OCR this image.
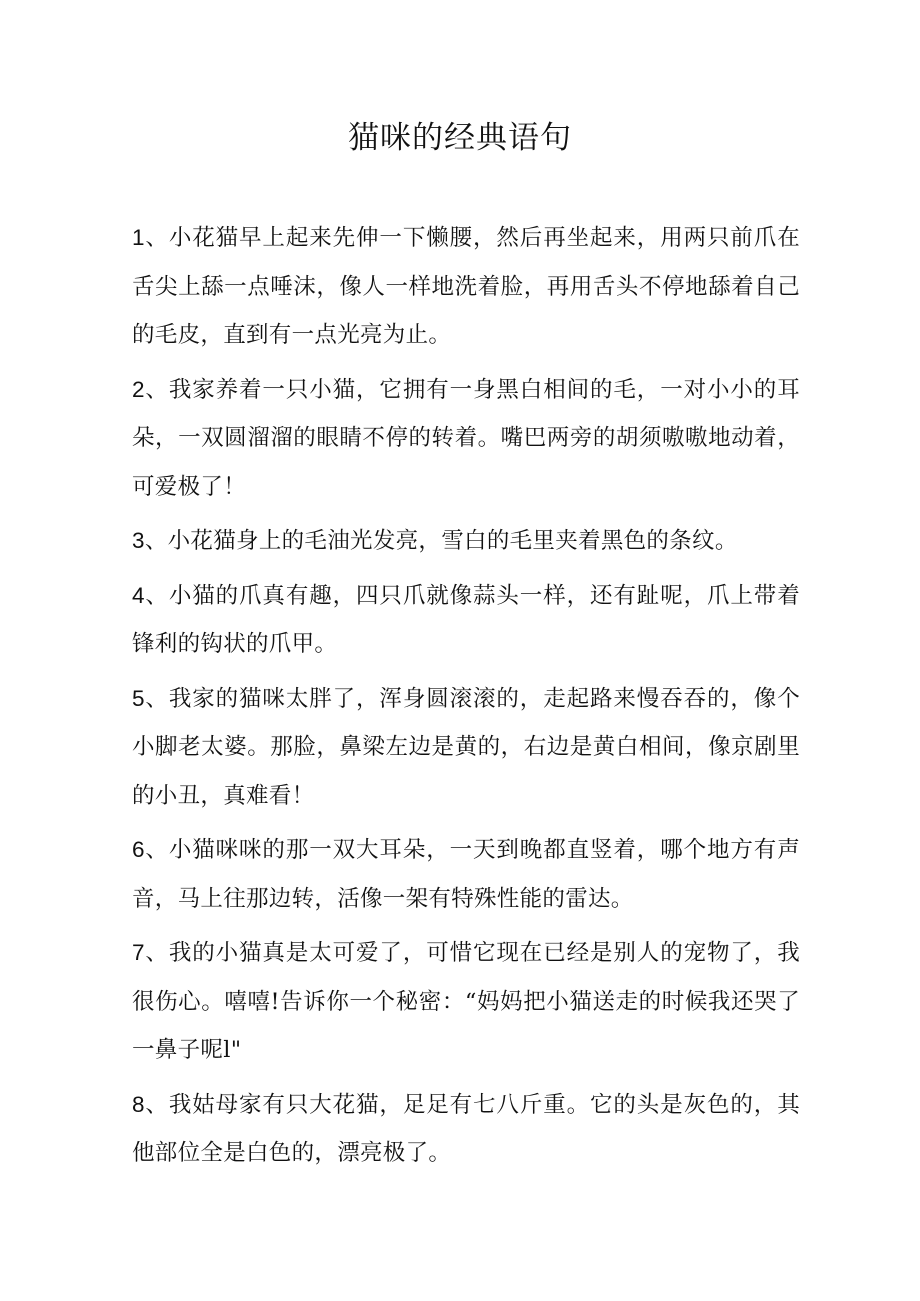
猫咪的经典语句

1、小花猫早上起来先伸一下懒腰，然后再坐起来，用两只前爪在舌尖上舔一点唾沫，像人一样地洗着脸，再用舌头不停地舔着自己的毛皮，直到有一点光亮为止。

2、我家养着一只小猫，它拥有一身黑白相间的毛，一对小小的耳朵，一双圆溜溜的眼睛不停的转着。嘴巴两旁的胡须嗷嗷地动着，可爱极了！

3、小花猫身上的毛油光发亮，雪白的毛里夹着黑色的条纹。

4、小猫的爪真有趣，四只爪就像蒜头一样，还有趾呢，爪上带着锋利的钩状的爪甲。

5、我家的猫咪太胖了，浑身圆滚滚的，走起路来慢吞吞的，像个小脚老太婆。那脸，鼻梁左边是黄的，右边是黄白相间，像京剧里的小丑，真难看！

6、小猫咪咪的那一双大耳朵，一天到晚都直竖着，哪个地方有声音，马上往那边转，活像一架有特殊性能的雷达。

7、我的小猫真是太可爱了，可惜它现在已经是别人的宠物了，我很伤心。嘻嘻!告诉你一个秘密：“妈妈把小猫送走的时候我还哭了一鼻子呢l"

8、我姑母家有只大花猫，足足有七八斤重。它的头是灰色的，其他部位全是白色的，漂亮极了。
